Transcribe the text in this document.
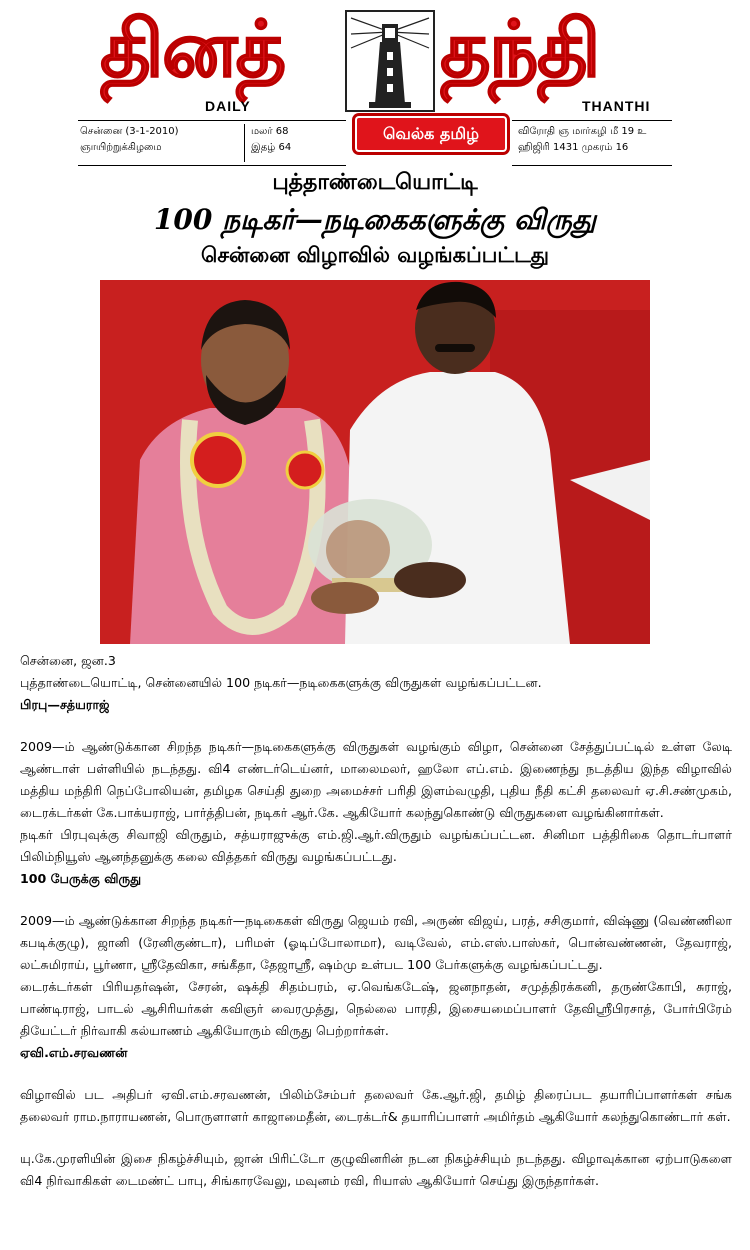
தினத் தந்தி
DAILY	THANTHI
சென்னை (3-1-2010)
ஞாயிற்றுக்கிழமை
மலர் 68
இதழ் 64
வெல்க தமிழ்	விரோதி ஞ மார்கழி மீ 19 உ
ஹிஜிரி 1431 முகரம் 16
புத்தாண்டையொட்டி
100 நடிகர்—நடிகைகளுக்கு விருது
சென்னை விழாவில் வழங்கப்பட்டது

சென்னை, ஜன.3

புத்தாண்டையொட்டி, சென்னையில் 100 நடிகர்—நடிகைகளுக்கு விருதுகள் வழங்கப்பட்டன.

பிரபு—சத்யராஜ்

2009—ம் ஆண்டுக்கான சிறந்த நடிகர்—நடிகைகளுக்கு விருதுகள் வழங்கும் விழா, சென்னை சேத்துப்பட்டில் உள்ள லேடி ஆண்டாள் பள்ளியில் நடந்தது. வி4 எண்டர்டெய்னர், மாலைமலர், ஹலோ எப்.எம். இணைந்து நடத்திய இந்த விழாவில் மத்திய மந்திரி நெப்போலியன், தமிழக செய்தி துறை அமைச்சர் பரிதி இளம்வழுதி, புதிய நீதி கட்சி தலைவர் ஏ.சி.சண்முகம், டைரக்டர்கள் கே.பாக்யராஜ், பார்த்திபன், நடிகர் ஆர்.கே. ஆகியோர் கலந்துகொண்டு விருதுகளை வழங்கினார்கள்.

நடிகர் பிரபுவுக்கு சிவாஜி விருதும், சத்யராஜுக்கு எம்.ஜி.ஆர்.விருதும் வழங்கப்பட்டன. சினிமா பத்திரிகை தொடர்பாளர் பிலிம்நியூஸ் ஆனந்தனுக்கு கலை வித்தகர் விருது வழங்கப்பட்டது.

100 பேருக்கு விருது

2009—ம் ஆண்டுக்கான சிறந்த நடிகர்—நடிகைகள் விருது ஜெயம் ரவி, அருண் விஜய், பரத், சசிகுமார், விஷ்ணு (வெண்ணிலா கபடிக்குழு), ஜானி (ரேனிகுண்டா), பரிமள் (ஓடிப்போலாமா), வடிவேல், எம்.எஸ்.பாஸ்கர், பொன்வண்ணன், தேவராஜ், லட்சுமிராய், பூர்ணா, ஸ்ரீதேவிகா, சங்கீதா, தேஜாஸ்ரீ, ஷம்மு உள்பட 100 பேர்களுக்கு வழங்கப்பட்டது.

டைரக்டர்கள் பிரியதர்ஷன், சேரன், ஷக்தி சிதம்பரம், ஏ.வெங்கடேஷ், ஜனநாதன், சமுத்திரக்கனி, தருண்கோபி, சுராஜ், பாண்டிராஜ், பாடல் ஆசிரியர்கள் கவிஞர் வைரமுத்து, நெல்லை பாரதி, இசையமைப்பாளர் தேவிஸ்ரீபிரசாத், போர்பிரேம் தியேட்டர் நிர்வாகி கல்யாணம் ஆகியோரும் விருது பெற்றார்கள்.

ஏவி.எம்.சரவணன்

விழாவில் பட அதிபர் ஏவி.எம்.சரவணன், பிலிம்சேம்பர் தலைவர் கே.ஆர்.ஜி, தமிழ் திரைப்பட தயாரிப்பாளர்கள் சங்க தலைவர் ராம.நாராயணன், பொருளாளர் காஜாமைதீன், டைரக்டர்& தயாரிப்பாளர் அமிர்தம் ஆகியோர் கலந்துகொண்டார் கள்.

யு.கே.முரளியின் இசை நிகழ்ச்சியும், ஜான் பிரிட்டோ குழுவினரின் நடன நிகழ்ச்சியும் நடந்தது. விழாவுக்கான ஏற்பாடுகளை வி4 நிர்வாகிகள் டைமண்ட் பாபு, சிங்காரவேலு, மவுனம் ரவி, ரியாஸ் ஆகியோர் செய்து இருந்தார்கள்.
